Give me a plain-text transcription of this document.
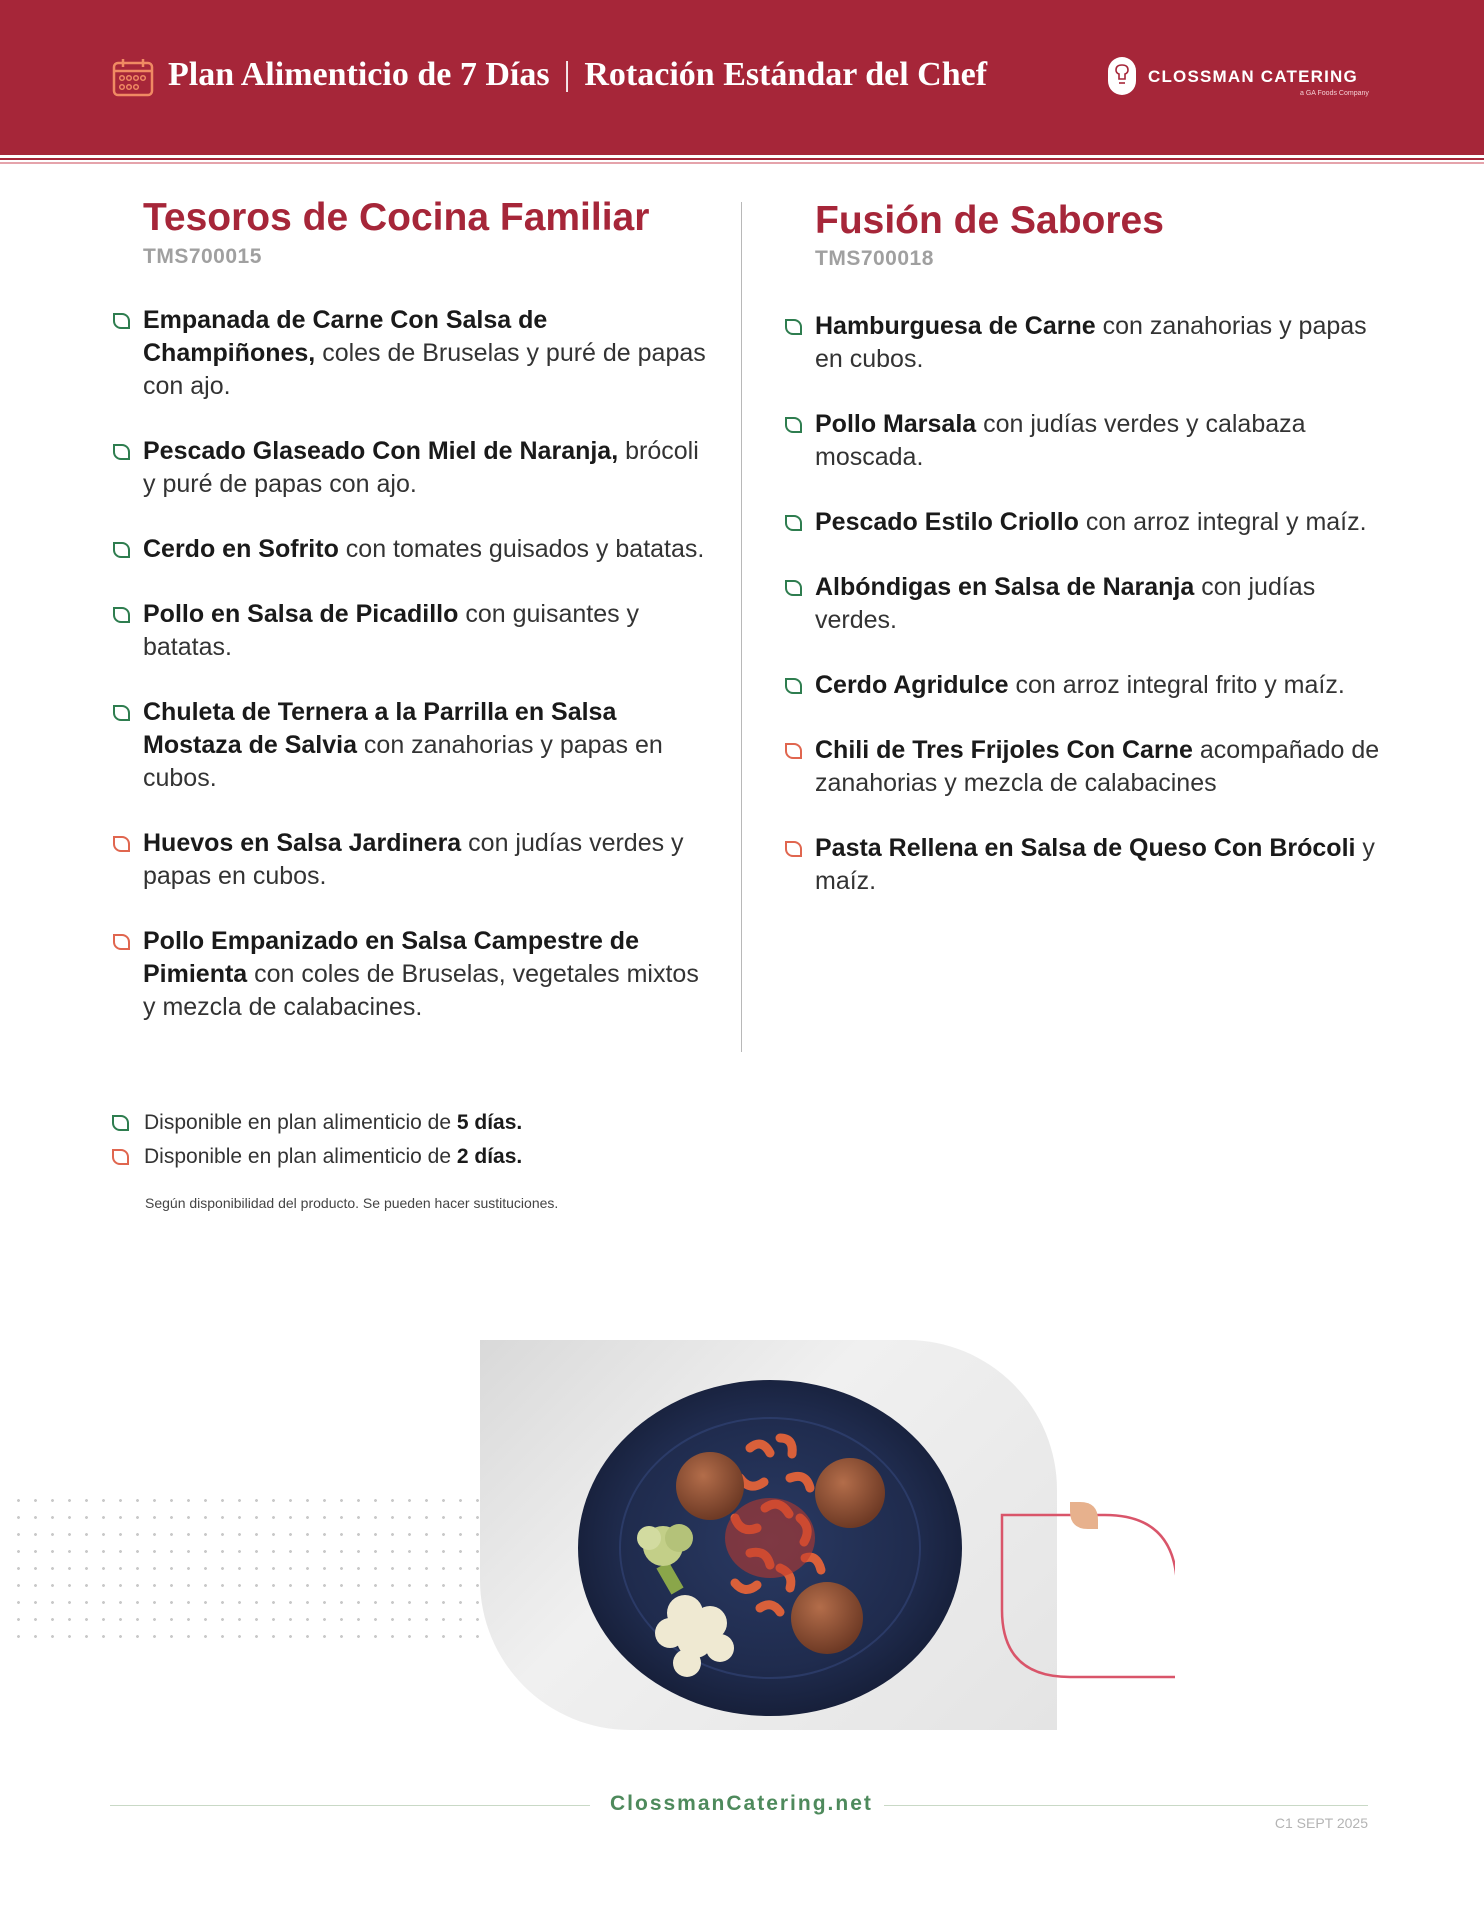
Plan Alimenticio de 7 Días | Rotación Estándar del Chef	CLOSSMAN CATERING
a GA Foods Company
Tesoros de Cocina Familiar
TMS700015
Empanada de Carne Con Salsa de Champiñones, coles de Bruselas y puré de papas con ajo.
Pescado Glaseado Con Miel de Naranja, brócoli y puré de papas con ajo.
Cerdo en Sofrito con tomates guisados y batatas.
Pollo en Salsa de Picadillo con guisantes y batatas.
Chuleta de Ternera a la Parrilla en Salsa Mostaza de Salvia con zanahorias y papas en cubos.
Huevos en Salsa Jardinera con judías verdes y papas en cubos.
Pollo Empanizado en Salsa Campestre de Pimienta con coles de Bruselas, vegetales mixtos y mezcla de calabacines.
Fusión de Sabores
TMS700018
Hamburguesa de Carne con zanahorias y papas en cubos.
Pollo Marsala con judías verdes y calabaza moscada.
Pescado Estilo Criollo con arroz integral y maíz.
Albóndigas en Salsa de Naranja con judías verdes.
Cerdo Agridulce con arroz integral frito y maíz.
Chili de Tres Frijoles Con Carne acompañado de zanahorias y mezcla de calabacines
Pasta Rellena en Salsa de Queso Con Brócoli y maíz.
Disponible en plan alimenticio de 5 días.
Disponible en plan alimenticio de 2 días.
Según disponibilidad del producto. Se pueden hacer sustituciones.
ClossmanCatering.net
C1 SEPT 2025
